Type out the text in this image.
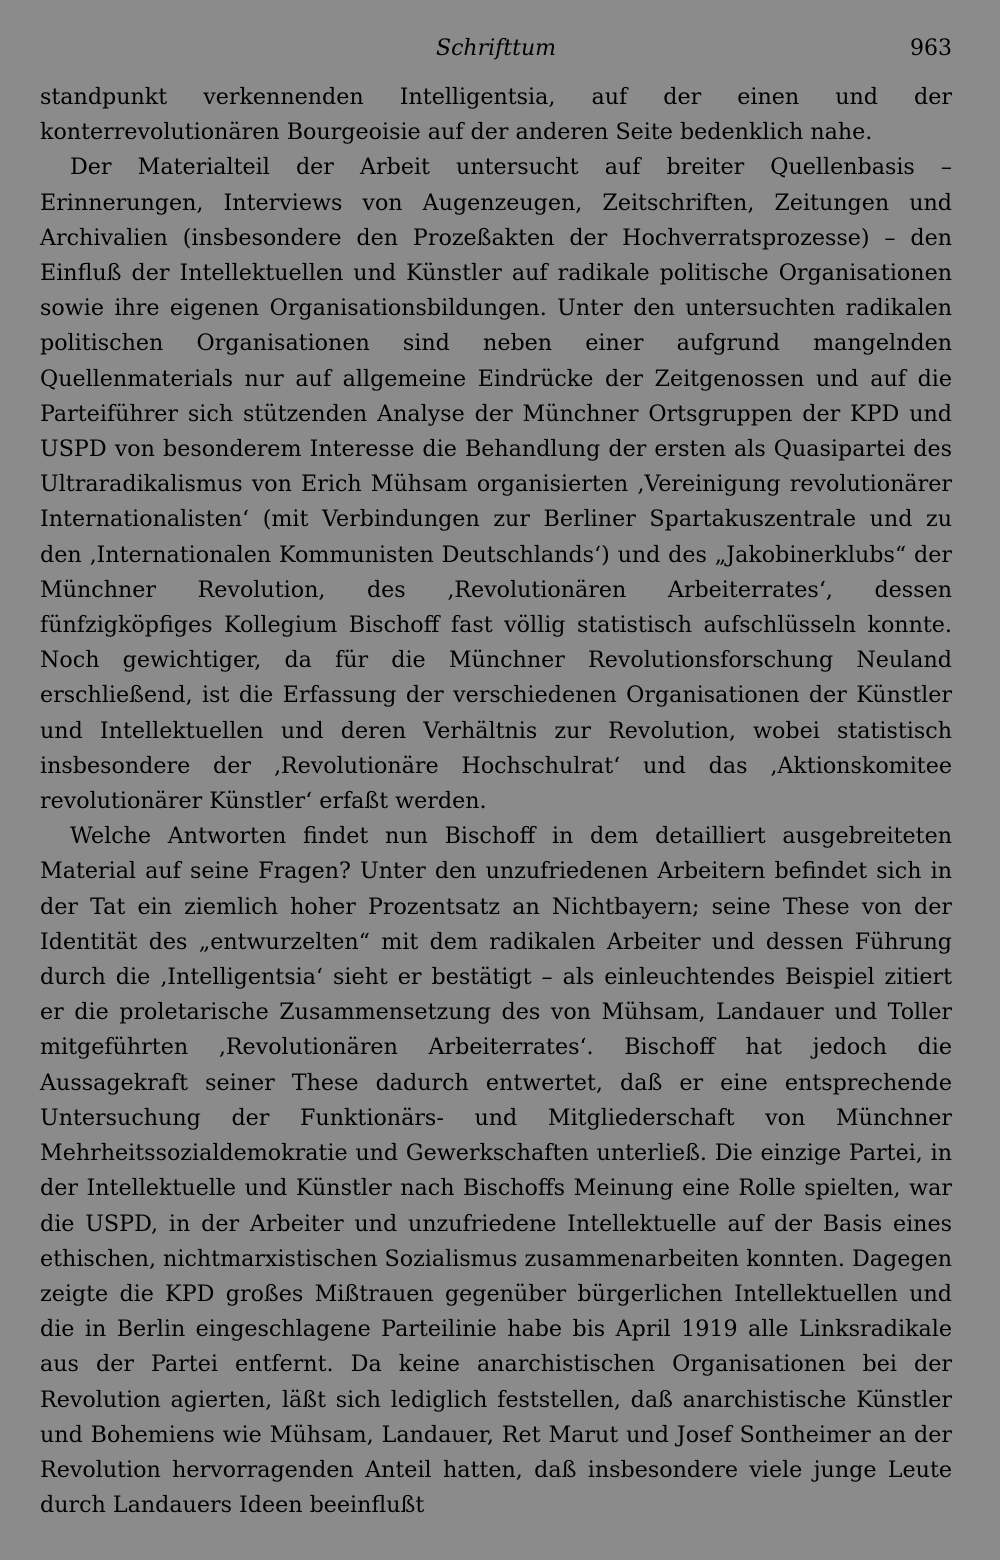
Schrifttum	963

standpunkt verkennenden Intelligentsia, auf der einen und der konterrevolutionären Bourgeoisie auf der anderen Seite bedenklich nahe.

Der Materialteil der Arbeit untersucht auf breiter Quellenbasis – Erinnerungen, Interviews von Augenzeugen, Zeitschriften, Zeitungen und Archivalien (insbesondere den Prozeßakten der Hochverratsprozesse) – den Einfluß der Intellektuellen und Künstler auf radikale politische Organisationen sowie ihre eigenen Organisationsbildungen. Unter den untersuchten radikalen politischen Organisationen sind neben einer aufgrund mangelnden Quellenmaterials nur auf allgemeine Eindrücke der Zeitgenossen und auf die Parteiführer sich stützenden Analyse der Münchner Ortsgruppen der KPD und USPD von besonderem Interesse die Behandlung der ersten als Quasipartei des Ultraradikalismus von Erich Mühsam organisierten ‚Vereinigung revolutionärer Internationalisten‘ (mit Verbindungen zur Berliner Spartakuszentrale und zu den ‚Internationalen Kommunisten Deutschlands‘) und des „Jakobinerklubs“ der Münchner Revolution, des ‚Revolutionären Arbeiterrates‘, dessen fünfzigköpfiges Kollegium Bischoff fast völlig statistisch aufschlüsseln konnte. Noch gewichtiger, da für die Münchner Revolutionsforschung Neuland erschließend, ist die Erfassung der verschiedenen Organisationen der Künstler und Intellektuellen und deren Verhältnis zur Revolution, wobei statistisch insbesondere der ‚Revolutionäre Hochschulrat‘ und das ‚Aktionskomitee revolutionärer Künstler‘ erfaßt werden.

Welche Antworten findet nun Bischoff in dem detailliert ausgebreiteten Material auf seine Fragen? Unter den unzufriedenen Arbeitern befindet sich in der Tat ein ziemlich hoher Prozentsatz an Nichtbayern; seine These von der Identität des „entwurzelten“ mit dem radikalen Arbeiter und dessen Führung durch die ‚Intelligentsia‘ sieht er bestätigt – als einleuchtendes Beispiel zitiert er die proletarische Zusammensetzung des von Mühsam, Landauer und Toller mitgeführten ‚Revolutionären Arbeiterrates‘. Bischoff hat jedoch die Aussagekraft seiner These dadurch entwertet, daß er eine entsprechende Untersuchung der Funktionärs- und Mitgliederschaft von Münchner Mehrheitssozialdemokratie und Gewerkschaften unterließ. Die einzige Partei, in der Intellektuelle und Künstler nach Bischoffs Meinung eine Rolle spielten, war die USPD, in der Arbeiter und unzufriedene Intellektuelle auf der Basis eines ethischen, nichtmarxistischen Sozialismus zusammenarbeiten konnten. Dagegen zeigte die KPD großes Mißtrauen gegenüber bürgerlichen Intellektuellen und die in Berlin eingeschlagene Parteilinie habe bis April 1919 alle Linksradikale aus der Partei entfernt. Da keine anarchistischen Organisationen bei der Revolution agierten, läßt sich lediglich feststellen, daß anarchistische Künstler und Bohemiens wie Mühsam, Landauer, Ret Marut und Josef Sontheimer an der Revolution hervorragenden Anteil hatten, daß insbesondere viele junge Leute durch Landauers Ideen beeinflußt
